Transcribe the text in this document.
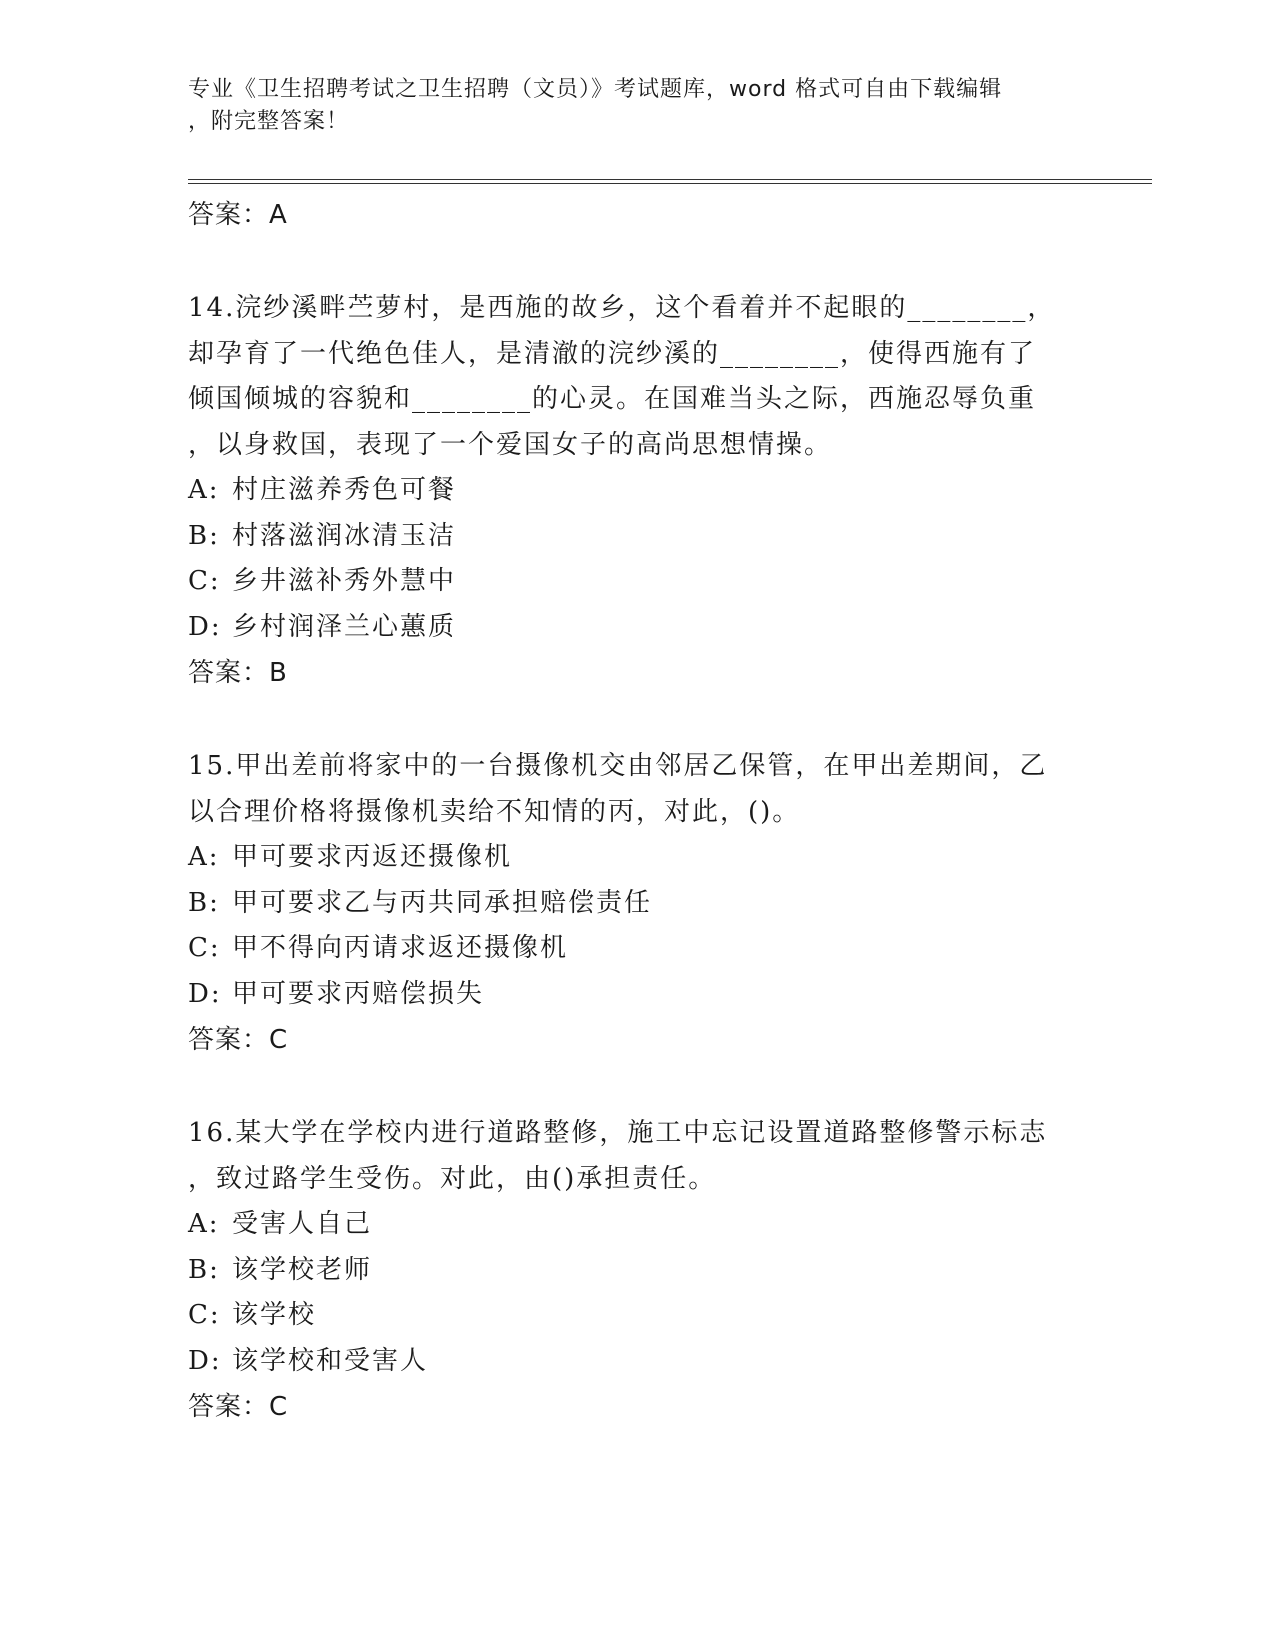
专业《卫生招聘考试之卫生招聘（文员）》考试题库，word 格式可自由下载编辑
，附完整答案！
答案：A
14.浣纱溪畔苎萝村，是西施的故乡，这个看着并不起眼的________，
却孕育了一代绝色佳人，是清澈的浣纱溪的________，使得西施有了
倾国倾城的容貌和________的心灵。在国难当头之际，西施忍辱负重
，以身救国，表现了一个爱国女子的高尚思想情操。
A: 村庄滋养秀色可餐
B: 村落滋润冰清玉洁
C: 乡井滋补秀外慧中
D: 乡村润泽兰心蕙质
答案：B
15.甲出差前将家中的一台摄像机交由邻居乙保管，在甲出差期间，乙
以合理价格将摄像机卖给不知情的丙，对此，()。
A: 甲可要求丙返还摄像机
B: 甲可要求乙与丙共同承担赔偿责任
C: 甲不得向丙请求返还摄像机
D: 甲可要求丙赔偿损失
答案：C
16.某大学在学校内进行道路整修，施工中忘记设置道路整修警示标志
，致过路学生受伤。对此，由()承担责任。
A: 受害人自己
B: 该学校老师
C: 该学校
D: 该学校和受害人
答案：C
